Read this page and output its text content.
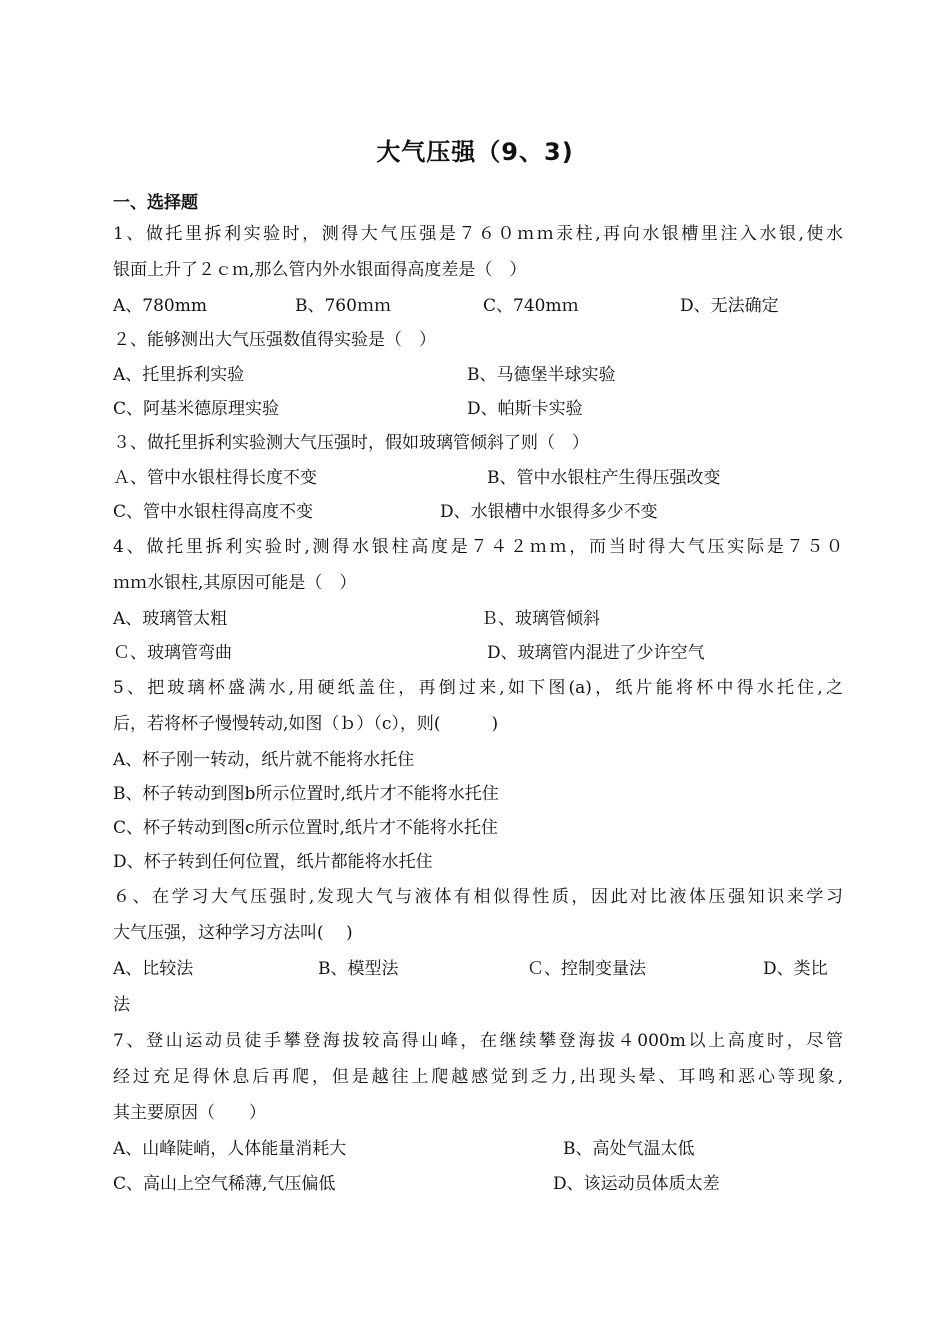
大气压强（9、3)
一、选择题
1、做托里拆利实验时，测得大气压强是７６０ｍｍ汞柱,再向水银槽里注入水银,使水
银面上升了２ｃｍ,那么管内外水银面得高度差是（　）
A、780mm	B、760ｍｍ	C、740mｍ	D、无法确定
２、能够测出大气压强数值得实验是（　）
A、托里拆利实验	B、马德堡半球实验
C、阿基米德原理实验	D、帕斯卡实验
３、做托里拆利实验测大气压强时，假如玻璃管倾斜了则（　）
Ａ、管中水银柱得长度不变	B、管中水银柱产生得压强改变
C、管中水银柱得高度不变	D、水银槽中水银得多少不变
4、做托里拆利实验时,测得水银柱高度是７４２ｍｍ，而当时得大气压实际是７５０
ｍｍ水银柱,其原因可能是（　）
A、玻璃管太粗	Ｂ、玻璃管倾斜
Ｃ、玻璃管弯曲	D、玻璃管内混进了少许空气
5、把玻璃杯盛满水,用硬纸盖住，再倒过来,如下图(a)，纸片能将杯中得水托住,之
后，若将杯子慢慢转动,如图（ｂ）（c），则(　　　)
A、杯子刚一转动，纸片就不能将水托住
B、杯子转动到图b所示位置时,纸片才不能将水托住
C、杯子转动到图c所示位置时,纸片才不能将水托住
D、杯子转到任何位置，纸片都能将水托住
６、在学习大气压强时,发现大气与液体有相似得性质，因此对比液体压强知识来学习
大气压强，这种学习方法叫(　 )
A、比较法	B、模型法	Ｃ、控制变量法	D、类比
法
7、登山运动员徒手攀登海拔较高得山峰，在继续攀登海拔４000m以上高度时，尽管
经过充足得休息后再爬，但是越往上爬越感觉到乏力,出现头晕、耳鸣和恶心等现象,
其主要原因（　　）
A、山峰陡峭，人体能量消耗大	B、高处气温太低
C、高山上空气稀薄,气压偏低	D、该运动员体质太差
